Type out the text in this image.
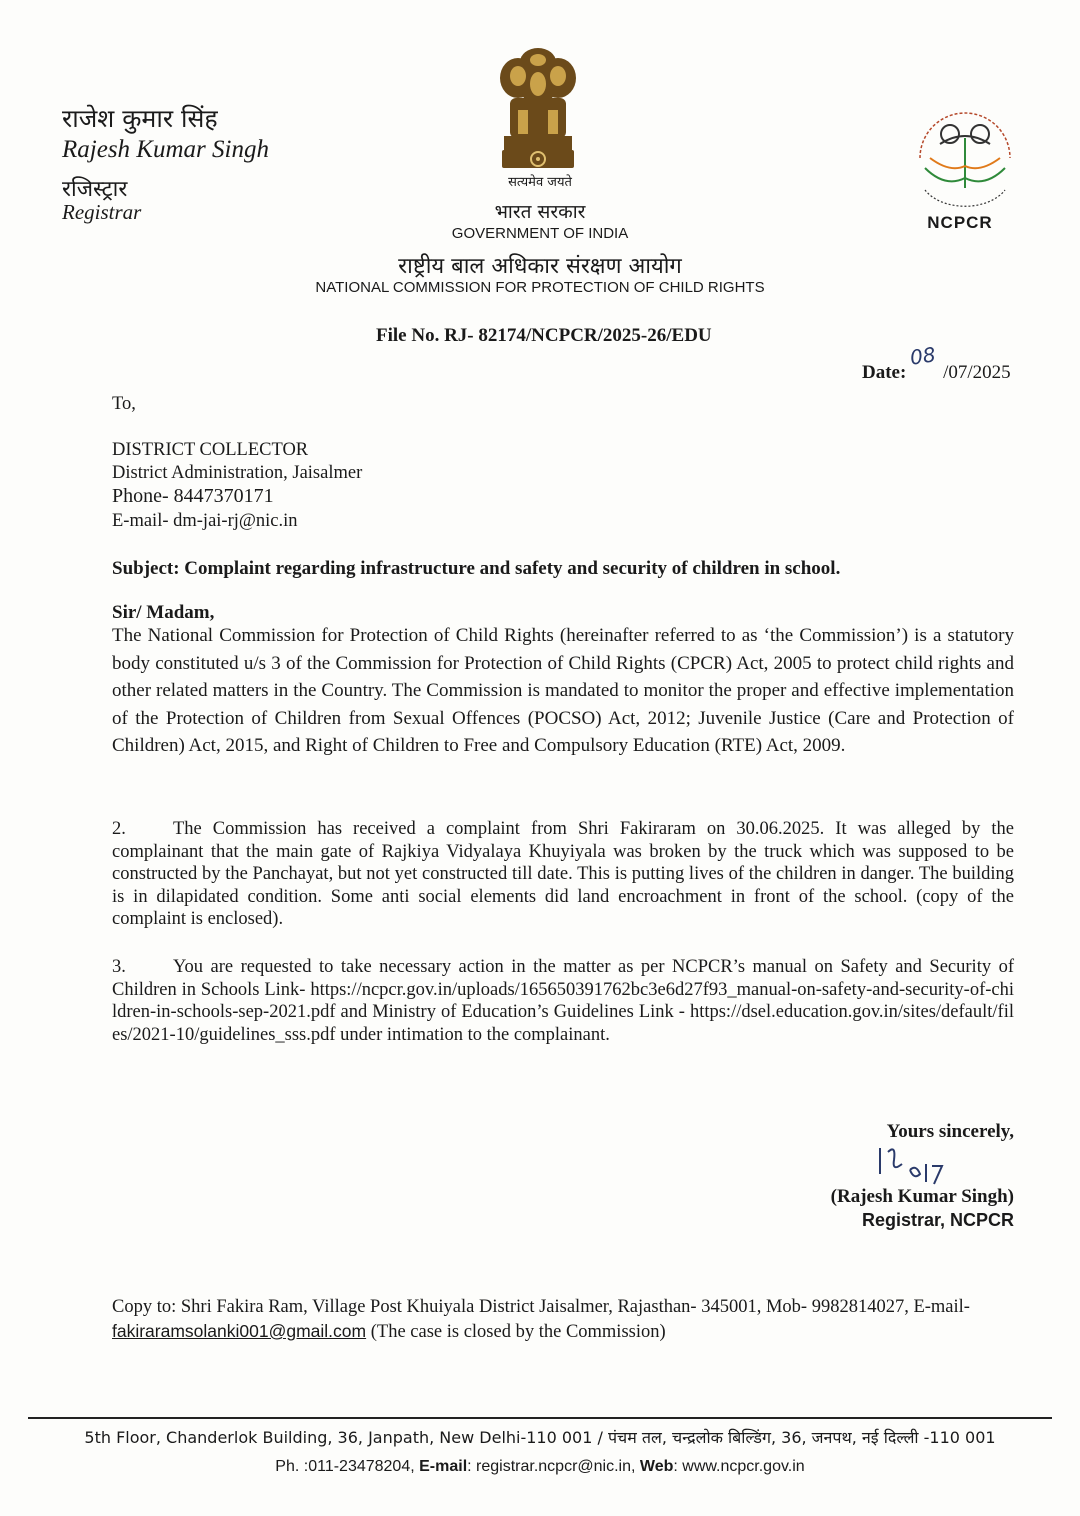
राजेश कुमार सिंह
Rajesh Kumar Singh
रजिस्ट्रार
Registrar
सत्यमेव जयते
भारत सरकार
GOVERNMENT OF INDIA
राष्ट्रीय बाल अधिकार संरक्षण आयोग
NATIONAL COMMISSION FOR PROTECTION OF CHILD RIGHTS
NCPCR
File No. RJ- 82174/NCPCR/2025-26/EDU
Date:
08
/07/2025
To,
DISTRICT COLLECTOR
District Administration, Jaisalmer
Phone- 8447370171
E-mail- dm-jai-rj@nic.in
Subject: Complaint regarding infrastructure and safety and security of children in school.
Sir/ Madam,
The National Commission for Protection of Child Rights (hereinafter referred to as ‘the Commission’) is a statutory body constituted u/s 3 of the Commission for Protection of Child Rights (CPCR) Act, 2005 to protect child rights and other related matters in the Country. The Commission is mandated to monitor the proper and effective implementation of the Protection of Children from Sexual Offences (POCSO) Act, 2012; Juvenile Justice (Care and Protection of Children) Act, 2015, and Right of Children to Free and Compulsory Education (RTE) Act, 2009.
2.	The Commission has received a complaint from Shri Fakiraram on 30.06.2025. It was alleged by the complainant that the main gate of Rajkiya Vidyalaya Khuyiyala was broken by the truck which was supposed to be constructed by the Panchayat, but not yet constructed till date. This is putting lives of the children in danger. The building is in dilapidated condition. Some anti social elements did land encroachment in front of the school. (copy of the complaint is enclosed).
3.	You are requested to take necessary action in the matter as per NCPCR’s manual on Safety and Security of Children in Schools Link- https://ncpcr.gov.in/uploads/165650391762bc3e6d27f93_manual-on-safety-and-security-of-children-in-schools-sep-2021.pdf and Ministry of Education’s Guidelines Link - https://dsel.education.gov.in/sites/default/files/2021-10/guidelines_sss.pdf under intimation to the complainant.
Yours sincerely,
(Rajesh Kumar Singh)
Registrar, NCPCR
Copy to: Shri Fakira Ram, Village Post Khuiyala District Jaisalmer, Rajasthan- 345001, Mob- 9982814027, E-mail- fakiraramsolanki001@gmail.com (The case is closed by the Commission)
5th Floor, Chanderlok Building, 36, Janpath, New Delhi-110 001 / पंचम तल, चन्द्रलोक बिल्डिंग, 36, जनपथ, नई दिल्ली -110 001
Ph. :011-23478204, E-mail: registrar.ncpcr@nic.in, Web: www.ncpcr.gov.in
